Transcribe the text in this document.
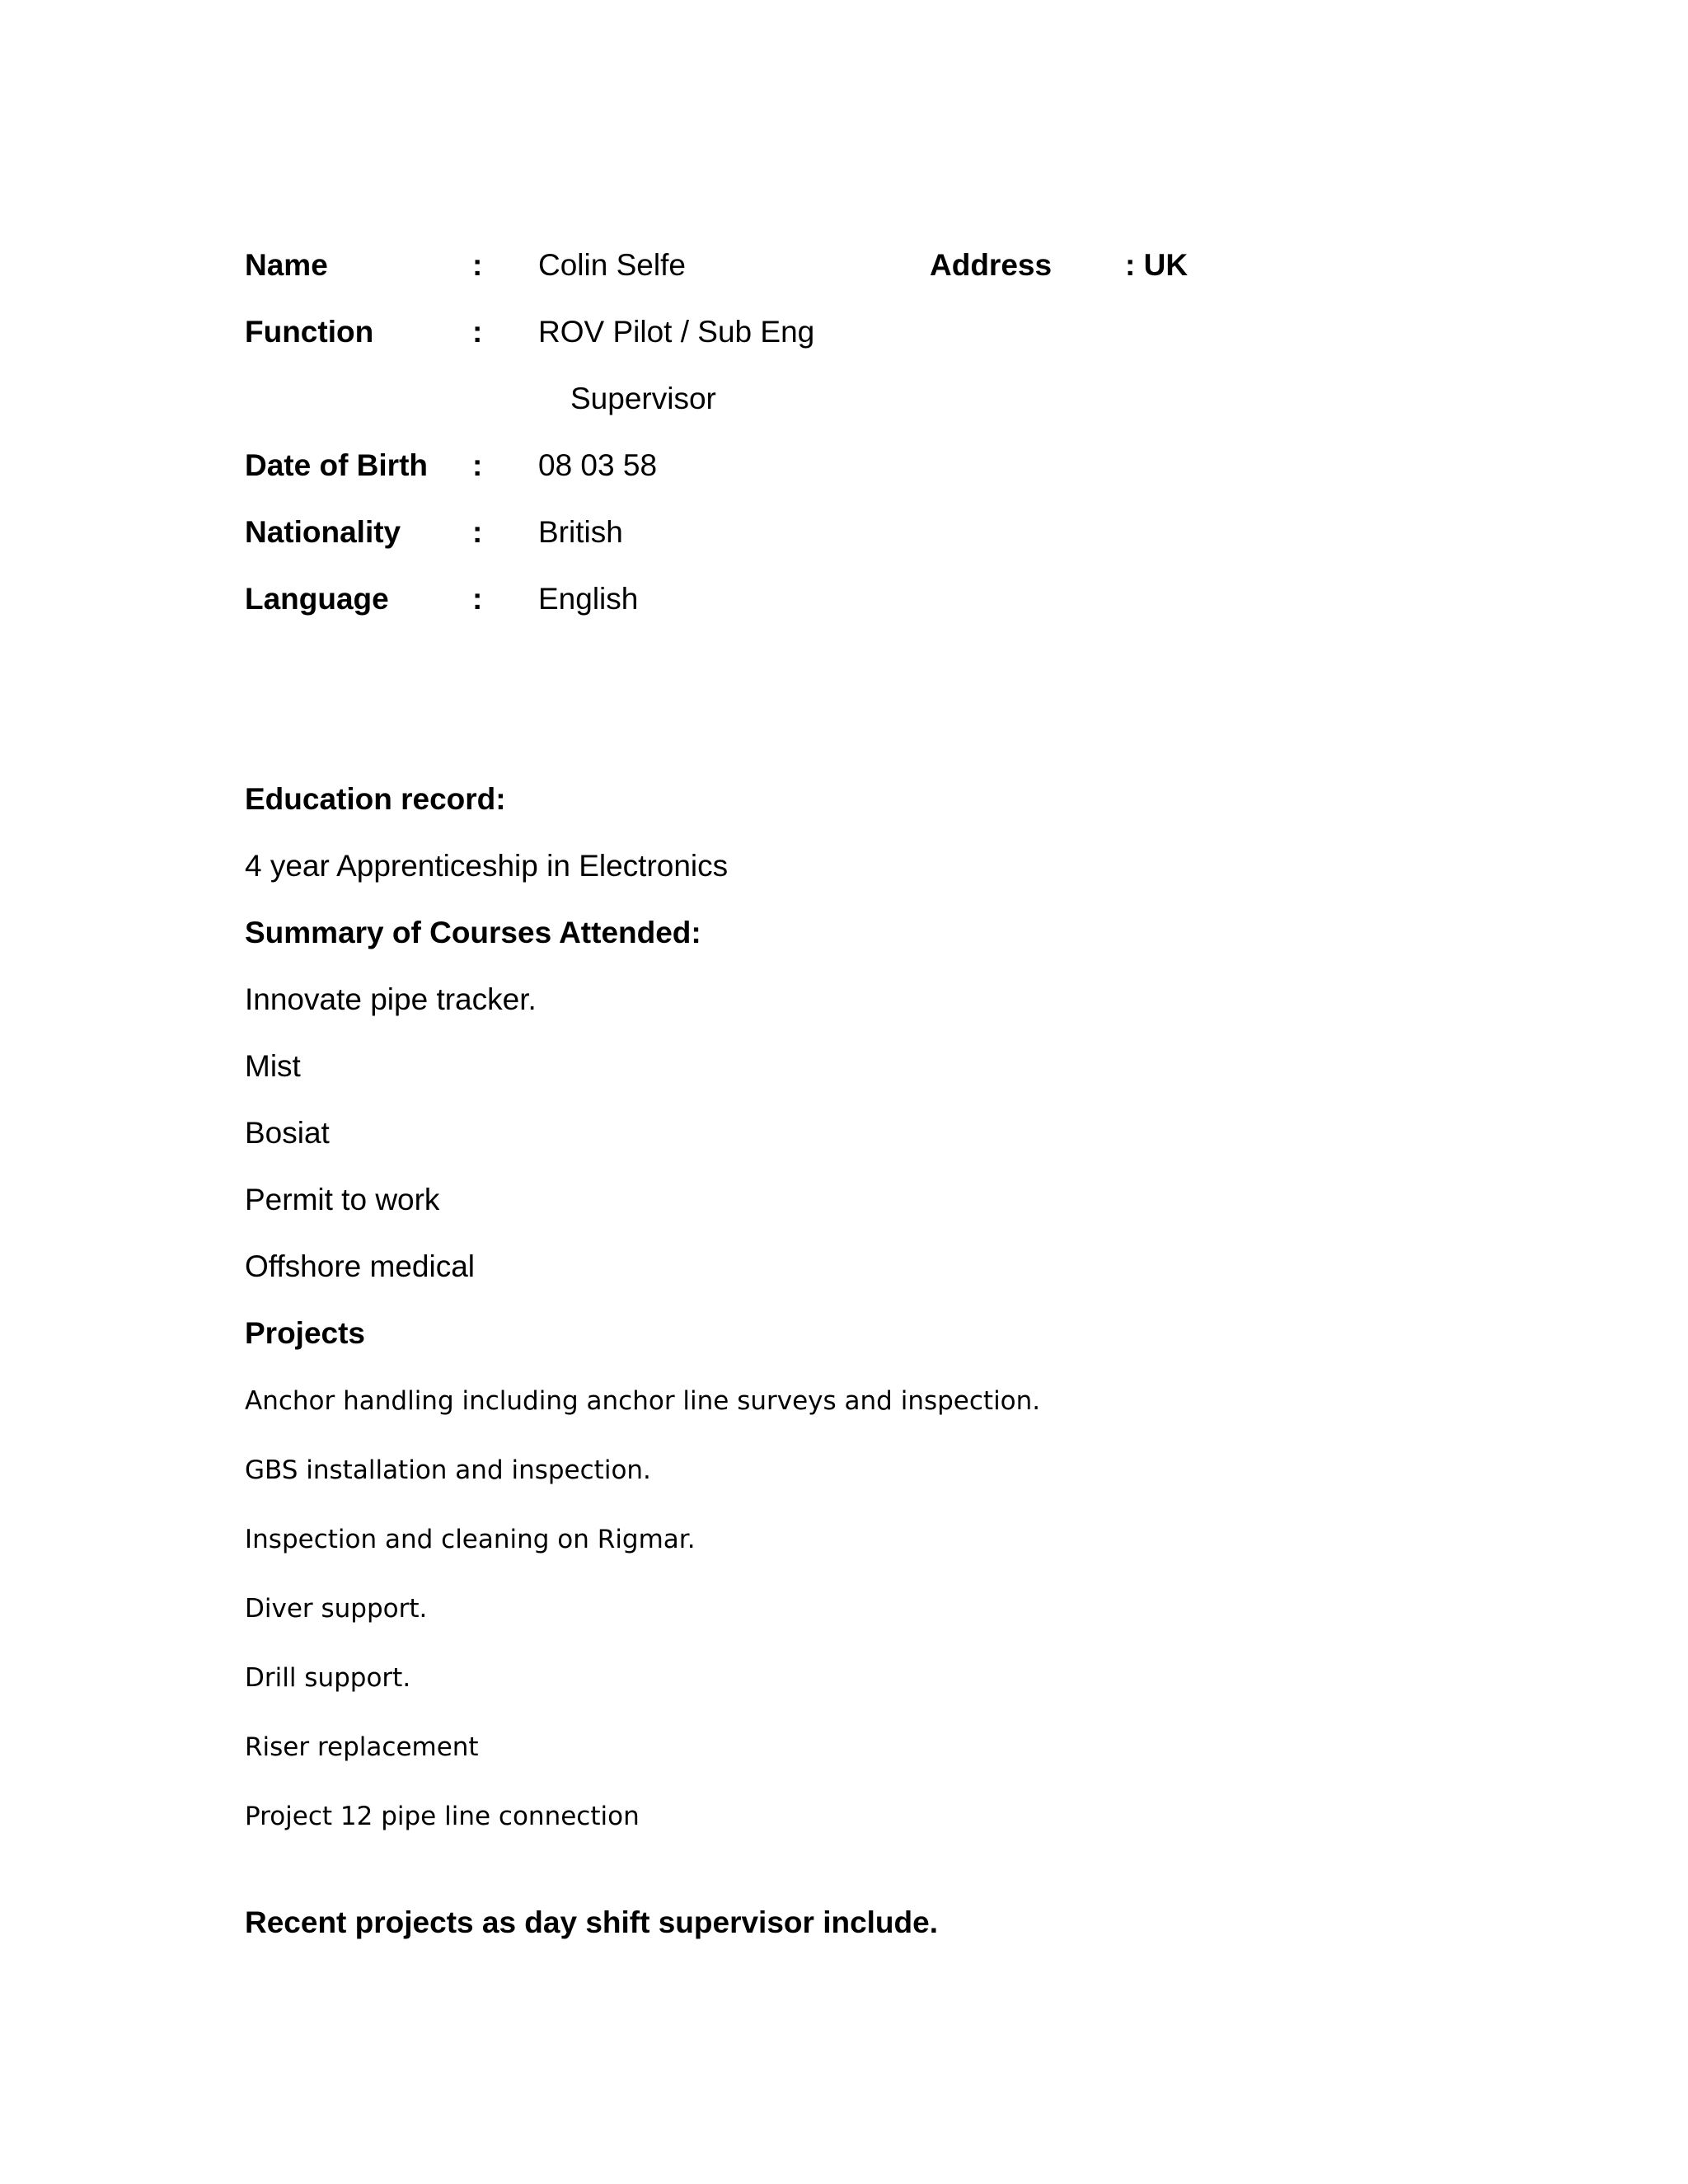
Name	: Colin Selfe	Address : UK
Function	: ROV Pilot / Sub Eng
Supervisor
Date of Birth : 08 03 58
Nationality : British
Language	: English
Education record:
4 year Apprenticeship in Electronics
Summary of Courses Attended:
Innovate pipe tracker.
Mist
Bosiat
Permit to work
Offshore medical
Projects
Anchor handling including anchor line surveys and inspection.
GBS installation and inspection.
Inspection and cleaning on Rigmar.
Diver support.
Drill support.
Riser replacement
Project 12 pipe line connection
Recent projects as day shift supervisor include.
